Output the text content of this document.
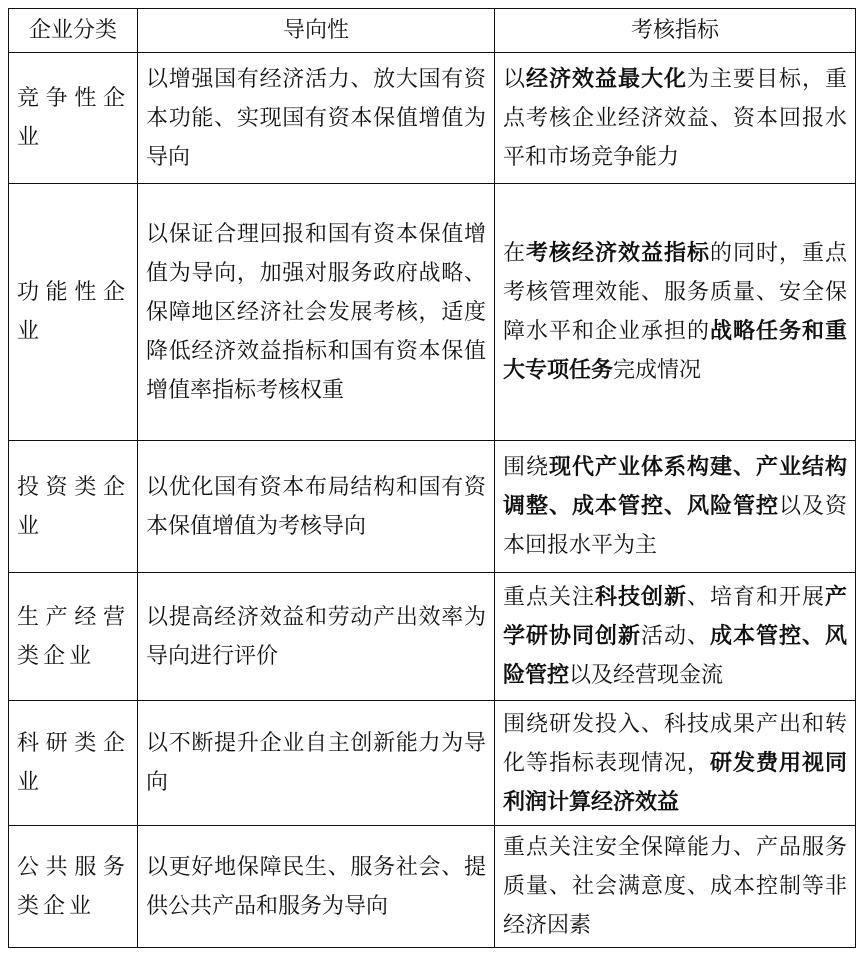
企业分类	导向性	考核指标
竞争性企业	以增强国有经济活力、放大国有资本功能、实现国有资本保值增值为导向	以经济效益最大化为主要目标，重点考核企业经济效益、资本回报水平和市场竞争能力
功能性企业	以保证合理回报和国有资本保值增值为导向，加强对服务政府战略、保障地区经济社会发展考核，适度降低经济效益指标和国有资本保值增值率指标考核权重	在考核经济效益指标的同时，重点考核管理效能、服务质量、安全保障水平和企业承担的战略任务和重大专项任务完成情况
投资类企业	以优化国有资本布局结构和国有资本保值增值为考核导向	围绕现代产业体系构建、产业结构调整、成本管控、风险管控以及资本回报水平为主
生产经营类企业	以提高经济效益和劳动产出效率为导向进行评价	重点关注科技创新、培育和开展产学研协同创新活动、成本管控、风险管控以及经营现金流
科研类企业	以不断提升企业自主创新能力为导向	围绕研发投入、科技成果产出和转化等指标表现情况，研发费用视同利润计算经济效益
公共服务类企业	以更好地保障民生、服务社会、提供公共产品和服务为导向	重点关注安全保障能力、产品服务质量、社会满意度、成本控制等非经济因素
